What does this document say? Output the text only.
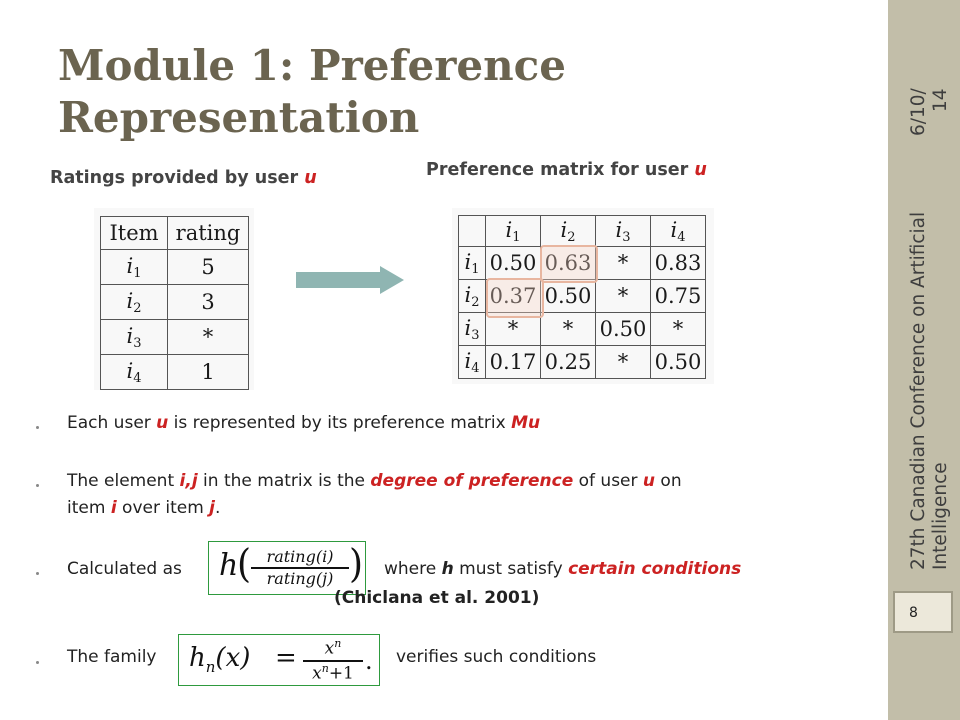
Module 1: Preference
Representation
Ratings provided by user u	Preference matrix for user u
Item	rating
$i_1$	5
$i_2$	3
$i_3$	*
$i_4$	1
	$i_1$	$i_2$	$i_3$	$i_4$
$i_1$	0.50	0.63	*	0.83
$i_2$	0.37	0.50	*	0.75
$i_3$	*	*	0.50	*
$i_4$	0.17	0.25	*	0.50
Each user u is represented by its preference matrix Mu
The element i,j in the matrix is the degree of preference of user u on
item i over item j.
Calculated as h
( rating(i)
rating(j) ) where h must satisfy certain conditions
(Chiclana et al. 2001)
The family $h_n(x)$ =	$x^n$
$x^n+1$ . verifies such conditions
6/10/
14
27th Canadian Conference on Artificial
Intelligence
8
